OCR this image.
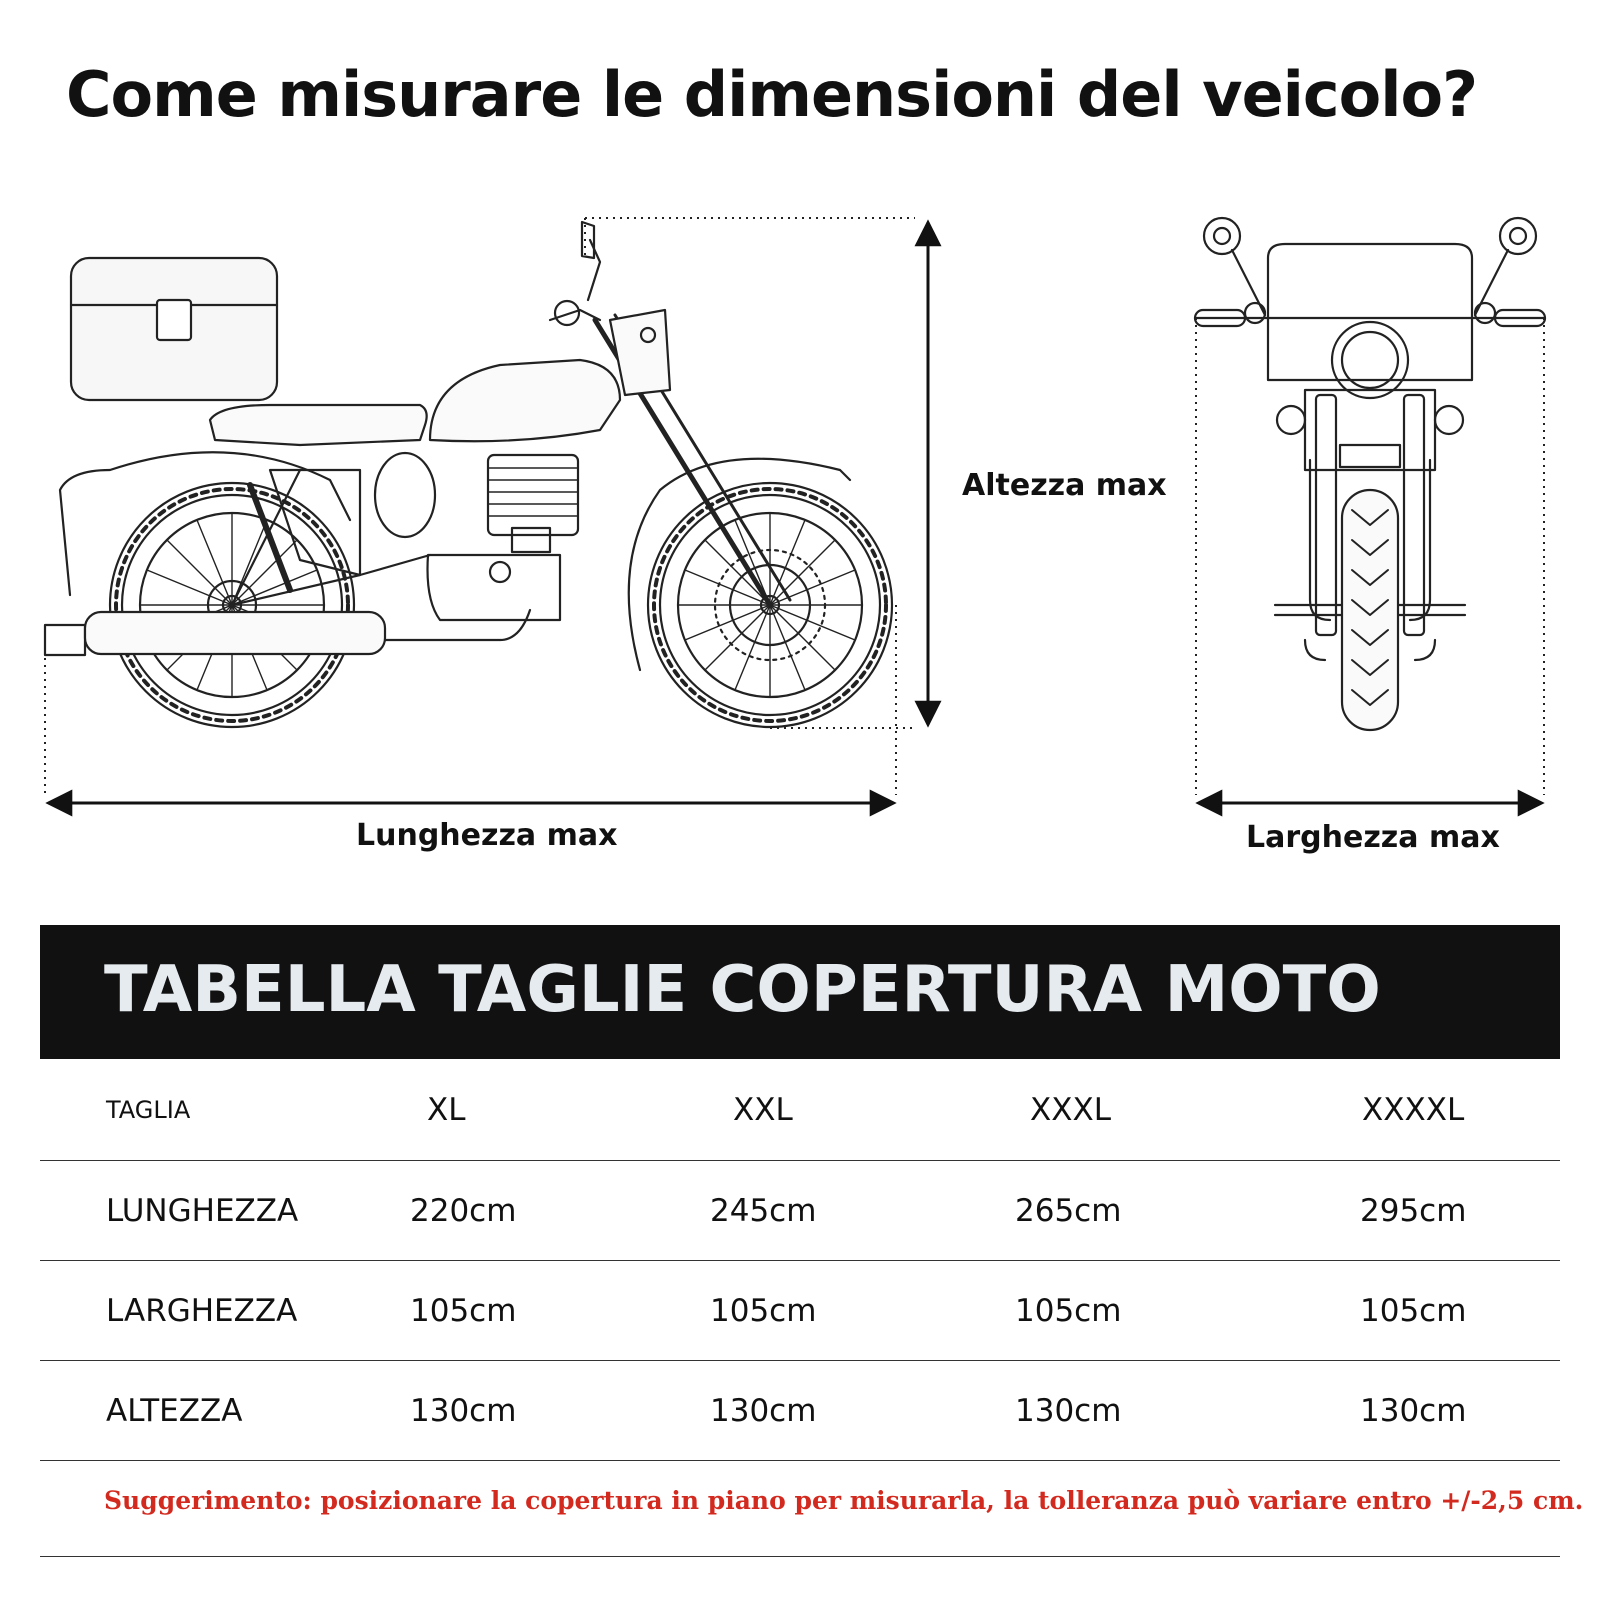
Come misurare le dimensioni del veicolo?
Altezza max
Lunghezza max	Larghezza max
TABELLA TAGLIE COPERTURA MOTO
TAGLIA	XL	XXL	XXXL	XXXXL
LUNGHEZZA	220cm	245cm	265cm	295cm
LARGHEZZA	105cm	105cm	105cm	105cm
ALTEZZA	130cm	130cm	130cm	130cm
Suggerimento: posizionare la copertura in piano per misurarla, la tolleranza può variare entro +/-2,5 cm.
